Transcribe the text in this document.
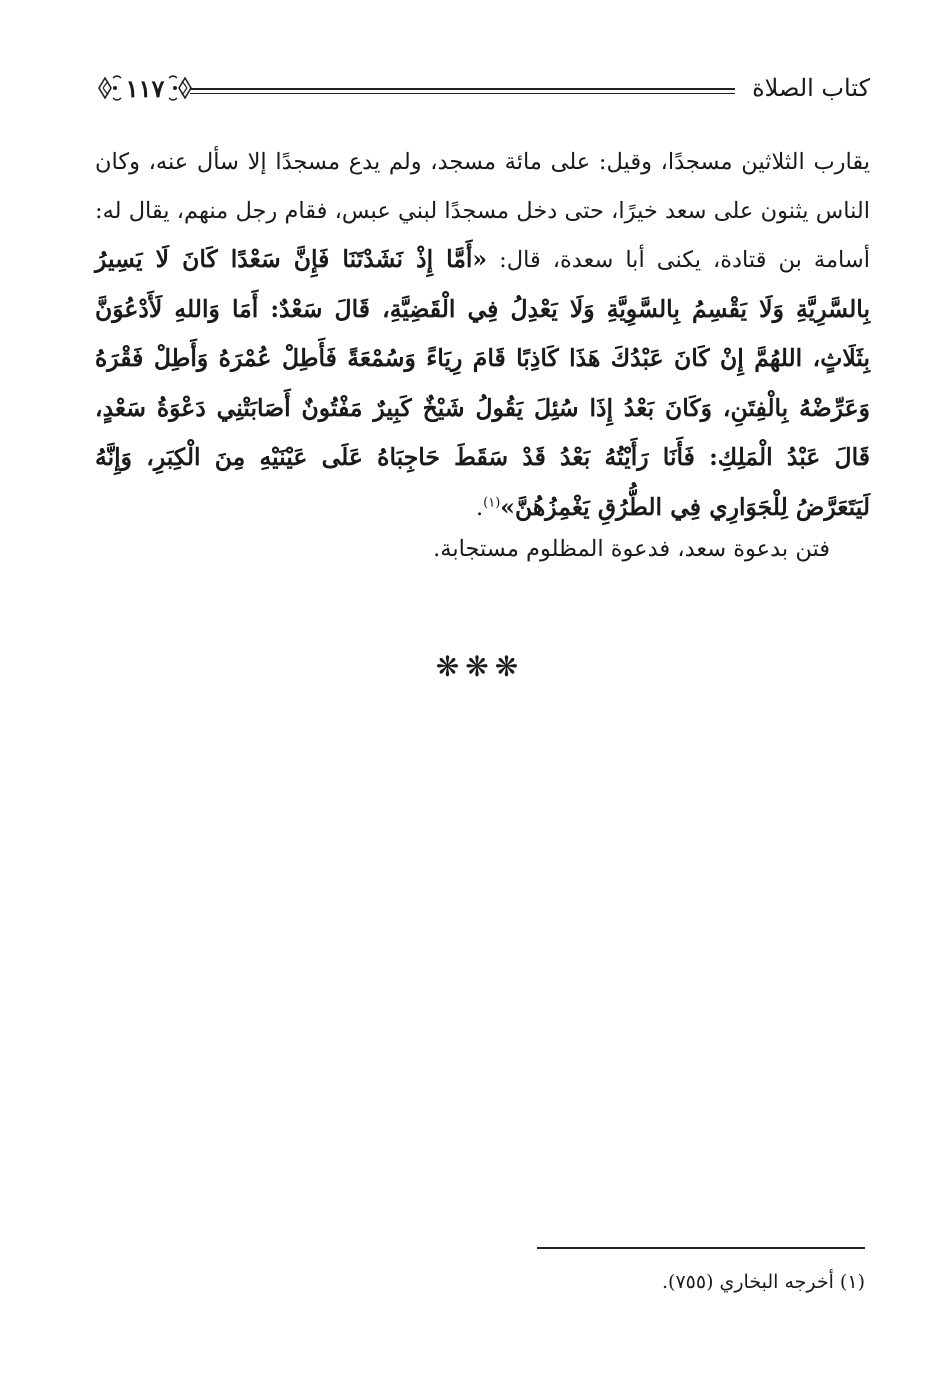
١١٧	كتاب الصلاة
يقارب الثلاثين مسجدًا، وقيل: على مائة مسجد، ولم يدع مسجدًا إلا سأل عنه، وكان الناس يثنون على سعد خيرًا، حتى دخل مسجدًا لبني عبس، فقام رجل منهم، يقال له: أسامة بن قتادة، يكنى أبا سعدة، قال: «أَمَّا إِذْ نَشَدْتَنَا فَإِنَّ سَعْدًا كَانَ لَا يَسِيرُ بِالسَّرِيَّةِ وَلَا يَقْسِمُ بِالسَّوِيَّةِ وَلَا يَعْدِلُ فِي الْقَضِيَّةِ، قَالَ سَعْدٌ: أَمَا وَاللهِ لَأَدْعُوَنَّ بِثَلَاثٍ، اللهُمَّ إِنْ كَانَ عَبْدُكَ هَذَا كَاذِبًا قَامَ رِيَاءً وَسُمْعَةً فَأَطِلْ عُمْرَهُ وَأَطِلْ فَقْرَهُ وَعَرِّضْهُ بِالْفِتَنِ، وَكَانَ بَعْدُ إِذَا سُئِلَ يَقُولُ شَيْخٌ كَبِيرٌ مَفْتُونٌ أَصَابَتْنِي دَعْوَةُ سَعْدٍ، قَالَ عَبْدُ الْمَلِكِ: فَأَنَا رَأَيْتُهُ بَعْدُ قَدْ سَقَطَ حَاجِبَاهُ عَلَى عَيْنَيْهِ مِنَ الْكِبَرِ، وَإِنَّهُ لَيَتَعَرَّضُ لِلْجَوَارِي فِي الطُّرُقِ يَغْمِزُهُنَّ»$^{(١)}$.
فتن بدعوة سعد، فدعوة المظلوم مستجابة.
❋❋❋
(١) أخرجه البخاري (٧٥٥).
